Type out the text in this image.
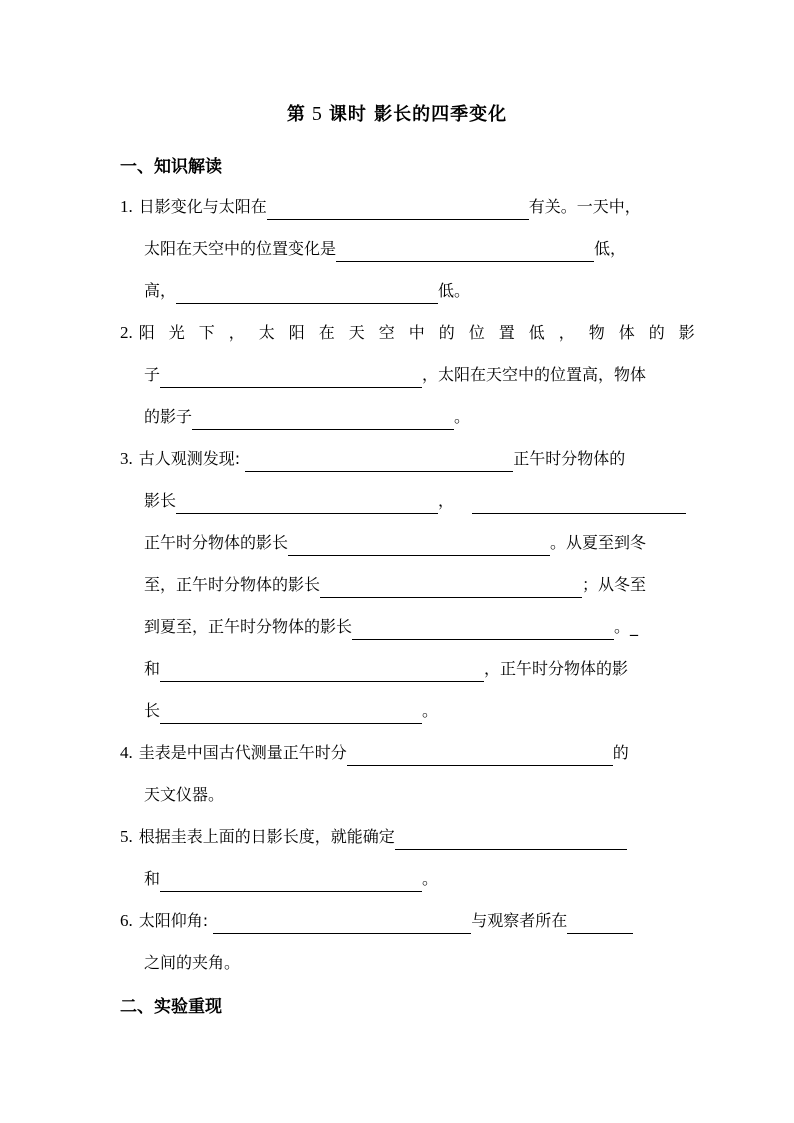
第 5 课时 影长的四季变化
一、知识解读
1. 日影变化与太阳在	有关。一天中，
太阳在天空中的位置变化是	低，
高，	低。
2. 阳光下，太阳在天空中的位置低，物体的影
子	，太阳在天空中的位置高，物体
的影子	。
3. 古人观测发现:	正午时分物体的
影长	，
正午时分物体的影长	。从夏至到冬
至，正午时分物体的影长	；从冬至
到夏至，正午时分物体的影长	。_
和	，正午时分物体的影
长	。
4. 圭表是中国古代测量正午时分	的
天文仪器。
5. 根据圭表上面的日影长度，就能确定
和	。
6. 太阳仰角:	与观察者所在
之间的夹角。
二、实验重现
